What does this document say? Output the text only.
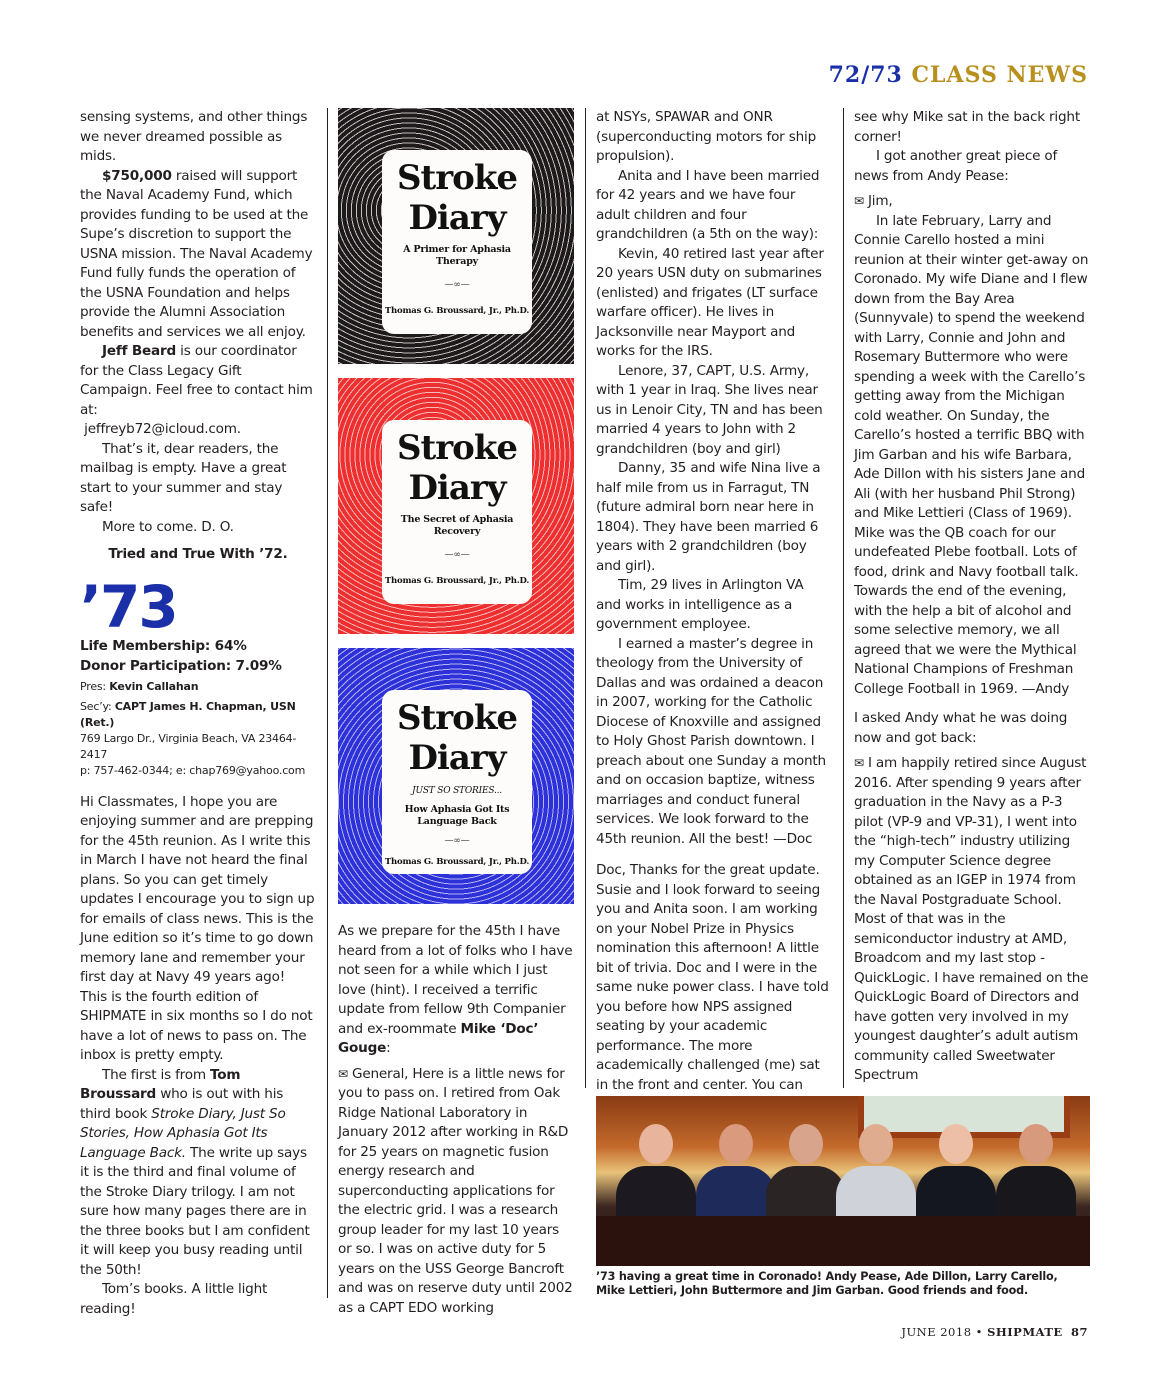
72/73 CLASS NEWS

sensing systems, and other things we never dreamed possible as mids.

$750,000 raised will support the Naval Academy Fund, which provides funding to be used at the Supe’s discretion to support the USNA mission. The Naval Academy Fund fully funds the operation of the USNA Foundation and helps provide the Alumni Association benefits and services we all enjoy.

Jeff Beard is our coordinator for the Class Legacy Gift Campaign. Feel free to contact him at:
jeffreyb72@icloud.com.

That’s it, dear readers, the mailbag is empty. Have a great start to your summer and stay safe!

More to come. D. O.

Tried and True With ’72.

’73
Life Membership: 64%
Donor Participation: 7.09%
Pres: Kevin Callahan
Sec’y: CAPT James H. Chapman, USN (Ret.)
769 Largo Dr., Virginia Beach, VA 23464-2417
p: 757-462-0344; e: chap769@yahoo.com

Hi Classmates, I hope you are enjoying summer and are prepping for the 45th reunion. As I write this in March I have not heard the final plans. So you can get timely updates I encourage you to sign up for emails of class news. This is the June edition so it’s time to go down memory lane and remember your first day at Navy 49 years ago! This is the fourth edition of SHIPMATE in six months so I do not have a lot of news to pass on. The inbox is pretty empty.

The first is from Tom Broussard who is out with his third book Stroke Diary, Just So Stories, How Aphasia Got Its Language Back. The write up says it is the third and final volume of the Stroke Diary trilogy. I am not sure how many pages there are in the three books but I am confident it will keep you busy reading until the 50th!

Tom’s books. A little light reading!

Stroke
Diary
A Primer for Aphasia Therapy
—∞—
Thomas G. Broussard, Jr., Ph.D.
Stroke
Diary
The Secret of Aphasia Recovery
—∞—
Thomas G. Broussard, Jr., Ph.D.
Stroke
Diary
JUST SO STORIES...
How Aphasia Got Its Language Back
—∞—
Thomas G. Broussard, Jr., Ph.D.

As we prepare for the 45th I have heard from a lot of folks who I have not seen for a while which I just love (hint). I received a terrific update from fellow 9th Companier and ex-roommate Mike ‘Doc’ Gouge:

✉ General, Here is a little news for you to pass on. I retired from Oak Ridge National Laboratory in January 2012 after working in R&D for 25 years on magnetic fusion energy research and superconducting applications for the electric grid. I was a research group leader for my last 10 years or so. I was on active duty for 5 years on the USS George Bancroft and was on reserve duty until 2002 as a CAPT EDO working

at NSYs, SPAWAR and ONR (superconducting motors for ship propulsion).

Anita and I have been married for 42 years and we have four adult children and four grandchildren (a 5th on the way):

Kevin, 40 retired last year after 20 years USN duty on submarines (enlisted) and frigates (LT surface warfare officer). He lives in Jacksonville near Mayport and works for the IRS.

Lenore, 37, CAPT, U.S. Army, with 1 year in Iraq. She lives near us in Lenoir City, TN and has been married 4 years to John with 2 grandchildren (boy and girl)

Danny, 35 and wife Nina live a half mile from us in Farragut, TN (future admiral born near here in 1804). They have been married 6 years with 2 grandchildren (boy and girl).

Tim, 29 lives in Arlington VA and works in intelligence as a government employee.

I earned a master’s degree in theology from the University of Dallas and was ordained a deacon in 2007, working for the Catholic Diocese of Knoxville and assigned to Holy Ghost Parish downtown. I preach about one Sunday a month and on occasion baptize, witness marriages and conduct funeral services. We look forward to the 45th reunion. All the best! —Doc

Doc, Thanks for the great update. Susie and I look forward to seeing you and Anita soon. I am working on your Nobel Prize in Physics nomination this afternoon! A little bit of trivia. Doc and I were in the same nuke power class. I have told you before how NPS assigned seating by your academic performance. The more academically challenged (me) sat in the front and center. You can

see why Mike sat in the back right corner!

I got another great piece of news from Andy Pease:

✉ Jim,

In late February, Larry and Connie Carello hosted a mini reunion at their winter get-away on Coronado. My wife Diane and I flew down from the Bay Area (Sunnyvale) to spend the weekend with Larry, Connie and John and Rosemary Buttermore who were spending a week with the Carello’s getting away from the Michigan cold weather. On Sunday, the Carello’s hosted a terrific BBQ with Jim Garban and his wife Barbara, Ade Dillon with his sisters Jane and Ali (with her husband Phil Strong) and Mike Lettieri (Class of 1969). Mike was the QB coach for our undefeated Plebe football. Lots of food, drink and Navy football talk. Towards the end of the evening, with the help a bit of alcohol and some selective memory, we all agreed that we were the Mythical National Champions of Freshman College Football in 1969. —Andy

I asked Andy what he was doing now and got back:

✉ I am happily retired since August 2016. After spending 9 years after graduation in the Navy as a P-3 pilot (VP-9 and VP-31), I went into the “high-tech” industry utilizing my Computer Science degree obtained as an IGEP in 1974 from the Naval Postgraduate School. Most of that was in the semiconductor industry at AMD, Broadcom and my last stop - QuickLogic. I have remained on the QuickLogic Board of Directors and have gotten very involved in my youngest daughter’s adult autism community called Sweetwater Spectrum

’73 having a great time in Coronado! Andy Pease, Ade Dillon, Larry Carello, Mike Lettieri, John Buttermore and Jim Garban. Good friends and food.
JUNE 2018 • SHIPMATE 87
